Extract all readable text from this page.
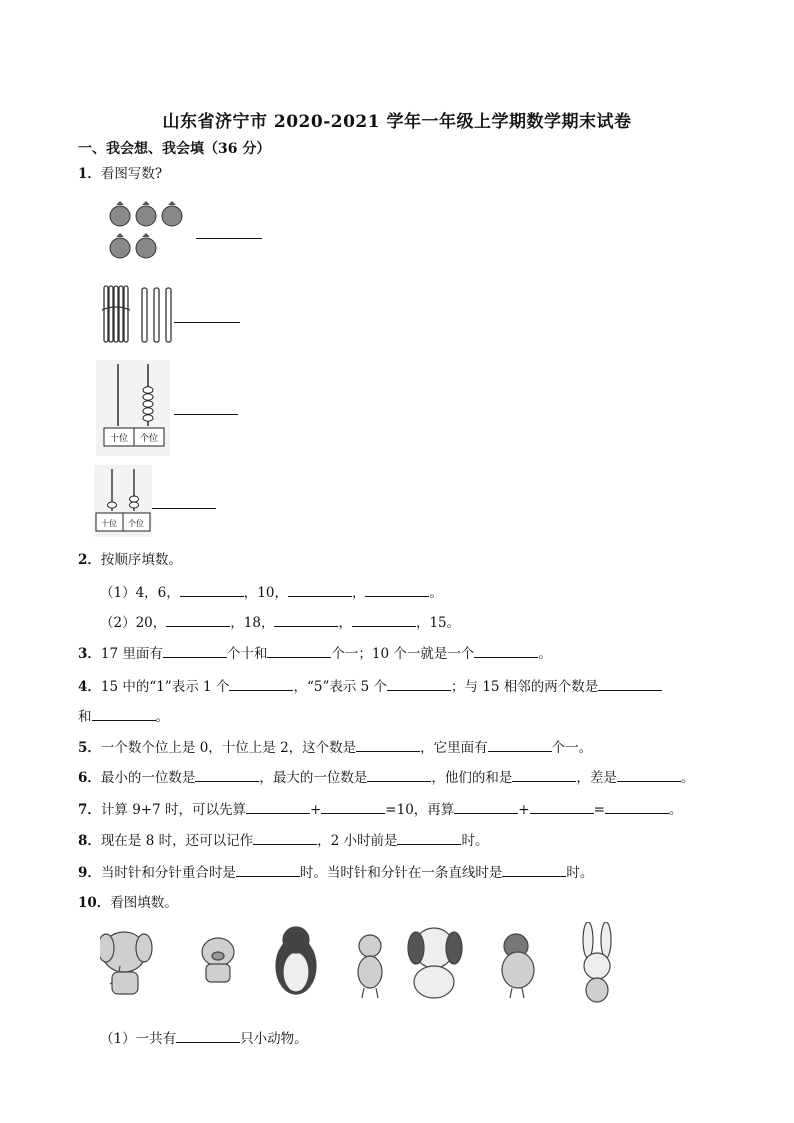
山东省济宁市 2020-2021 学年一年级上学期数学期末试卷
一、我会想、我会填（36 分）
1．看图写数?
十位 个位
十位 个位
2．按顺序填数。
（1）4，6，	，10，	，	。
（2）20，	，18，	，	，15。
3．17 里面有	个十和	个一；10 个一就是一个	。
4．15 中的“1”表示 1 个	，“5”表示 5 个	；与 15 相邻的两个数是
和	。
5．一个数个位上是 0，十位上是 2，这个数是	，它里面有	个一。
6．最小的一位数是	，最大的一位数是	，他们的和是	，差是	。
7．计算 9+7 时，可以先算	+	=10，再算	+	=	。
8．现在是 8 时，还可以记作	，2 小时前是	时。
9．当时针和分针重合时是	时。当时针和分针在一条直线时是	时。
10．看图填数。
（1）一共有	只小动物。
